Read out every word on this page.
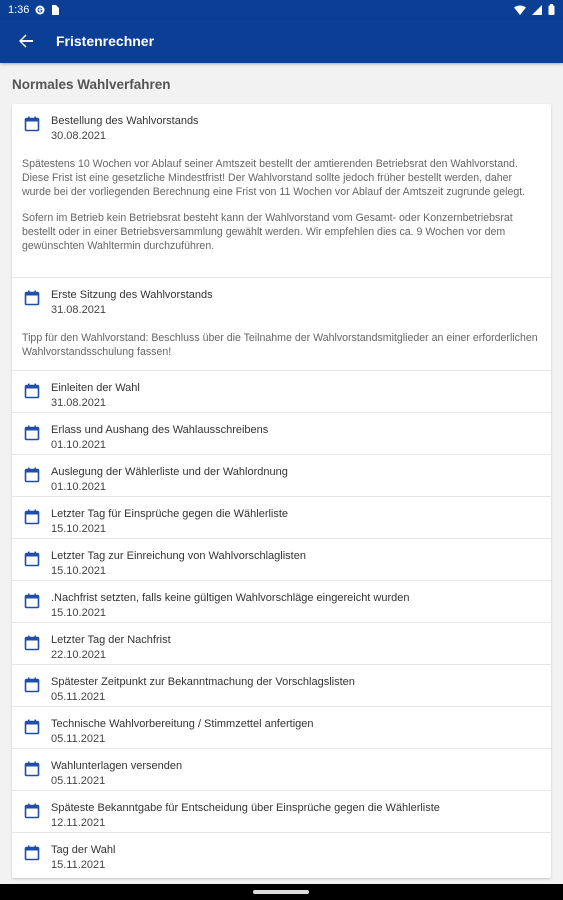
1:36 G
Fristenrechner
Normales Wahlverfahren
Bestellung des Wahlvorstands
30.08.2021

Spätestens 10 Wochen vor Ablauf seiner Amtszeit bestellt der amtierenden Betriebsrat den Wahlvorstand. Diese Frist ist eine gesetzliche Mindestfrist! Der Wahlvorstand sollte jedoch früher bestellt werden, daher wurde bei der vorliegenden Berechnung eine Frist von 11 Wochen vor Ablauf der Amtszeit zugrunde gelegt.

Sofern im Betrieb kein Betriebsrat besteht kann der Wahlvorstand vom Gesamt- oder Konzernbetriebsrat bestellt oder in einer Betriebsversammlung gewählt werden. Wir empfehlen dies ca. 9 Wochen vor dem gewünschten Wahltermin durchzuführen.

Erste Sitzung des Wahlvorstands
31.08.2021

Tipp für den Wahlvorstand: Beschluss über die Teilnahme der Wahlvorstandsmitglieder an einer erforderlichen Wahlvorstandsschulung fassen!

Einleiten der Wahl
31.08.2021
Erlass und Aushang des Wahlausschreibens
01.10.2021
Auslegung der Wählerliste und der Wahlordnung
01.10.2021
Letzter Tag für Einsprüche gegen die Wählerliste
15.10.2021
Letzter Tag zur Einreichung von Wahlvorschlaglisten
15.10.2021
.Nachfrist setzten, falls keine gültigen Wahlvorschläge eingereicht wurden
15.10.2021
Letzter Tag der Nachfrist
22.10.2021
Spätester Zeitpunkt zur Bekanntmachung der Vorschlagslisten
05.11.2021
Technische Wahlvorbereitung / Stimmzettel anfertigen
05.11.2021
Wahlunterlagen versenden
05.11.2021
Späteste Bekanntgabe für Entscheidung über Einsprüche gegen die Wählerliste
12.11.2021
Tag der Wahl
15.11.2021
